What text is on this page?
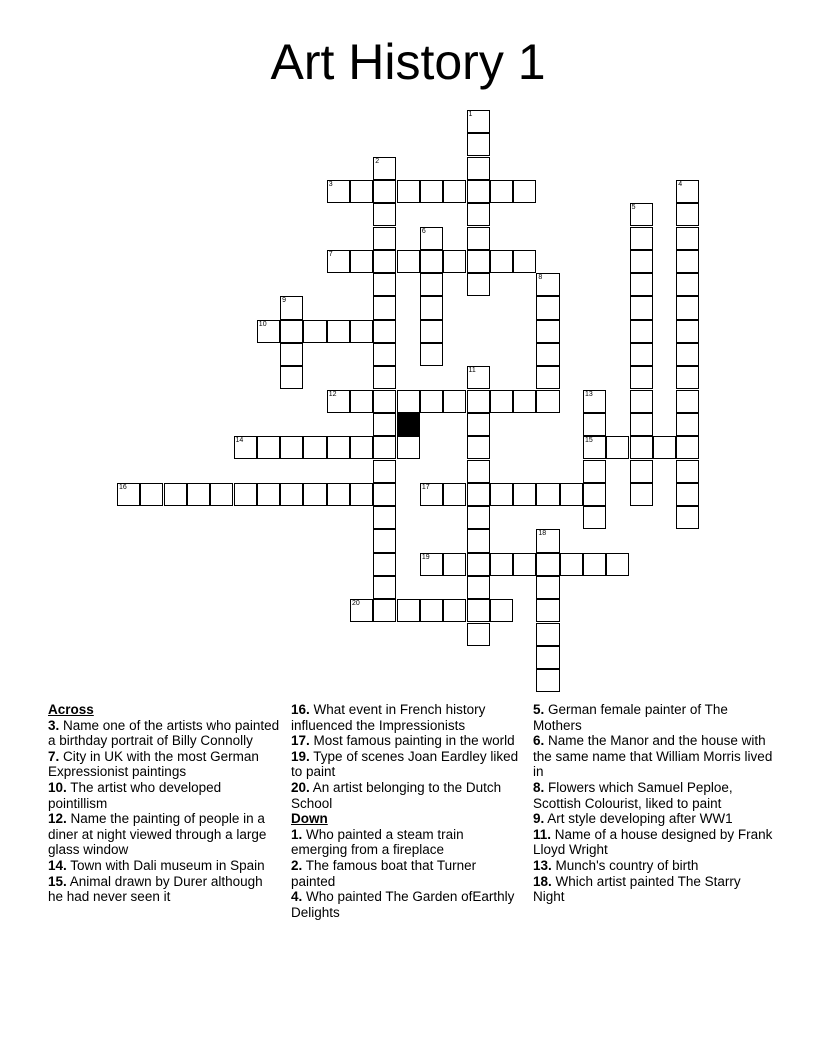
Art History 1
1
2
3	4
5
6
7
8
9
10
11
12	13
15
14
16	17
18
19
20
Across

3. Name one of the artists who painted a birthday portrait of Billy Connolly

7. City in UK with the most German Expressionist paintings

10. The artist who developed pointillism

12. Name the painting of people in a diner at night viewed through a large glass window

14. Town with Dali museum in Spain

15. Animal drawn by Durer although he had never seen it

16. What event in French history influenced the Impressionists

17. Most famous painting in the world

19. Type of scenes Joan Eardley liked to paint

20. An artist belonging to the Dutch School

Down

1. Who painted a steam train emerging from a fireplace

2. The famous boat that Turner painted

4. Who painted The Garden ofEarthly Delights

5. German female painter of The Mothers

6. Name the Manor and the house with the same name that William Morris lived in

8. Flowers which Samuel Peploe, Scottish Colourist, liked to paint

9. Art style developing after WW1

11. Name of a house designed by Frank Lloyd Wright

13. Munch's country of birth

18. Which artist painted The Starry Night
